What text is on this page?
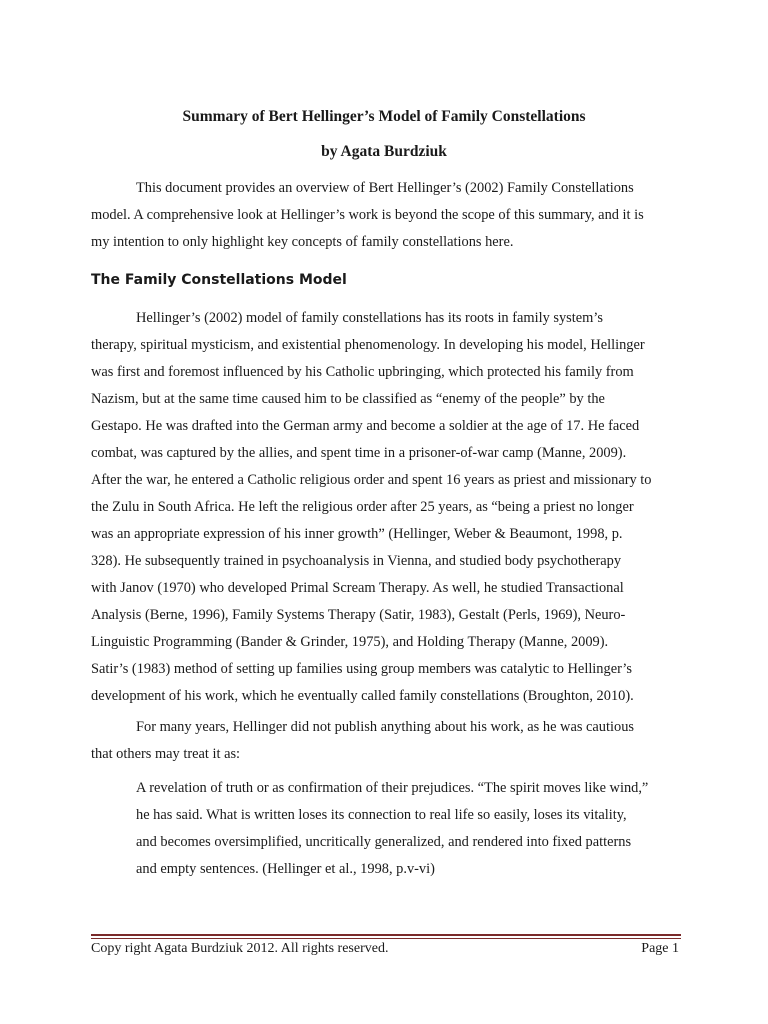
Summary of Bert Hellinger’s Model of Family Constellations
by Agata Burdziuk
This document provides an overview of Bert Hellinger’s (2002) Family Constellations
model. A comprehensive look at Hellinger’s work is beyond the scope of this summary, and it is
my intention to only highlight key concepts of family constellations here.
The Family Constellations Model
Hellinger’s (2002) model of family constellations has its roots in family system’s
therapy, spiritual mysticism, and existential phenomenology. In developing his model, Hellinger
was first and foremost influenced by his Catholic upbringing, which protected his family from
Nazism, but at the same time caused him to be classified as “enemy of the people” by the
Gestapo. He was drafted into the German army and become a soldier at the age of 17. He faced
combat, was captured by the allies, and spent time in a prisoner-of-war camp (Manne, 2009).
After the war, he entered a Catholic religious order and spent 16 years as priest and missionary to
the Zulu in South Africa. He left the religious order after 25 years, as “being a priest no longer
was an appropriate expression of his inner growth” (Hellinger, Weber & Beaumont, 1998, p.
328). He subsequently trained in psychoanalysis in Vienna, and studied body psychotherapy
with Janov (1970) who developed Primal Scream Therapy. As well, he studied Transactional
Analysis (Berne, 1996), Family Systems Therapy (Satir, 1983), Gestalt (Perls, 1969), Neuro-
Linguistic Programming (Bander & Grinder, 1975), and Holding Therapy (Manne, 2009).
Satir’s (1983) method of setting up families using group members was catalytic to Hellinger’s
development of his work, which he eventually called family constellations (Broughton, 2010).
For many years, Hellinger did not publish anything about his work, as he was cautious
that others may treat it as:
A revelation of truth or as confirmation of their prejudices. “The spirit moves like wind,”
he has said. What is written loses its connection to real life so easily, loses its vitality,
and becomes oversimplified, uncritically generalized, and rendered into fixed patterns
and empty sentences. (Hellinger et al., 1998, p.v-vi)
Copy right Agata Burdziuk 2012. All rights reserved.	Page 1
